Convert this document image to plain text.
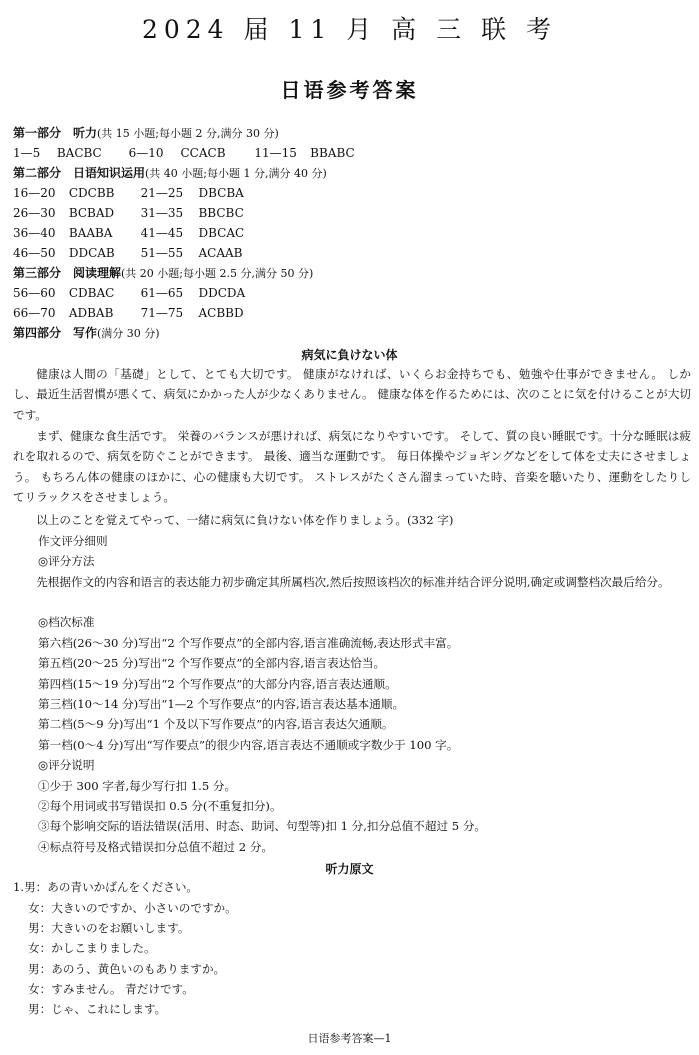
2024 届 11 月 高 三 联 考
日语参考答案
第一部分　听力(共 15 小题;每小题 2 分,满分 30 分)
1—5 BACBC 6—10 CCACB 11—15 BBABC
第二部分　日语知识运用(共 40 小题;每小题 1 分,满分 40 分)
16—20 CDCBB 21—25 DBCBA
26—30 BCBAD 31—35 BBCBC
36—40 BAABA 41—45 DBCAC
46—50 DDCAB 51—55 ACAAB
第三部分　阅读理解(共 20 小题;每小题 2.5 分,满分 50 分)
56—60 CDBAC 61—65 DDCDA
66—70 ADBAB 71—75 ACBBD
第四部分　写作(满分 30 分)
病気に負けない体
健康は人間の「基礎」として、とても大切です。 健康がなければ、いくらお金持ちでも、勉強や仕事ができません。 しかし、最近生活習慣が悪くて、病気にかかった人が少なくありません。 健康な体を作るためには、次のことに気を付けることが大切です。
まず、健康な食生活です。 栄養のバランスが悪ければ、病気になりやすいです。 そして、質の良い睡眠です。十分な睡眠は疲れを取れるので、病気を防ぐことができます。 最後、適当な運動です。 毎日体操やジョギングなどをして体を丈夫にさせましょう。 もちろん体の健康のほかに、心の健康も大切です。 ストレスがたくさん溜まっていた時、音楽を聴いたり、運動をしたりしてリラックスをさせましょう。
以上のことを覚えてやって、一緒に病気に負けない体を作りましょう。(332 字)
作文评分细则
◎评分方法
先根据作文的内容和语言的表达能力初步确定其所属档次,然后按照该档次的标准并结合评分说明,确定或调整档次最后给分。
◎档次标准
第六档(26～30 分)写出“2 个写作要点”的全部内容,语言准确流畅,表达形式丰富。
第五档(20～25 分)写出“2 个写作要点”的全部内容,语言表达恰当。
第四档(15～19 分)写出“2 个写作要点”的大部分内容,语言表达通顺。
第三档(10～14 分)写出“1—2 个写作要点”的内容,语言表达基本通顺。
第二档(5～9 分)写出“1 个及以下写作要点”的内容,语言表达欠通顺。
第一档(0～4 分)写出“写作要点”的很少内容,语言表达不通顺或字数少于 100 字。
◎评分说明
①少于 300 字者,每少写行扣 1.5 分。
②每个用词或书写错误扣 0.5 分(不重复扣分)。
③每个影响交际的语法错误(活用、时态、助词、句型等)扣 1 分,扣分总值不超过 5 分。
④标点符号及格式错误扣分总值不超过 2 分。
听力原文
1.男：あの青いかばんをください。
女：大きいのですか、小さいのですか。
男：大きいのをお願いします。
女：かしこまりました。
男：あのう、黄色いのもありますか。
女：すみません。 青だけです。
男：じゃ、これにします。
日语参考答案—1
